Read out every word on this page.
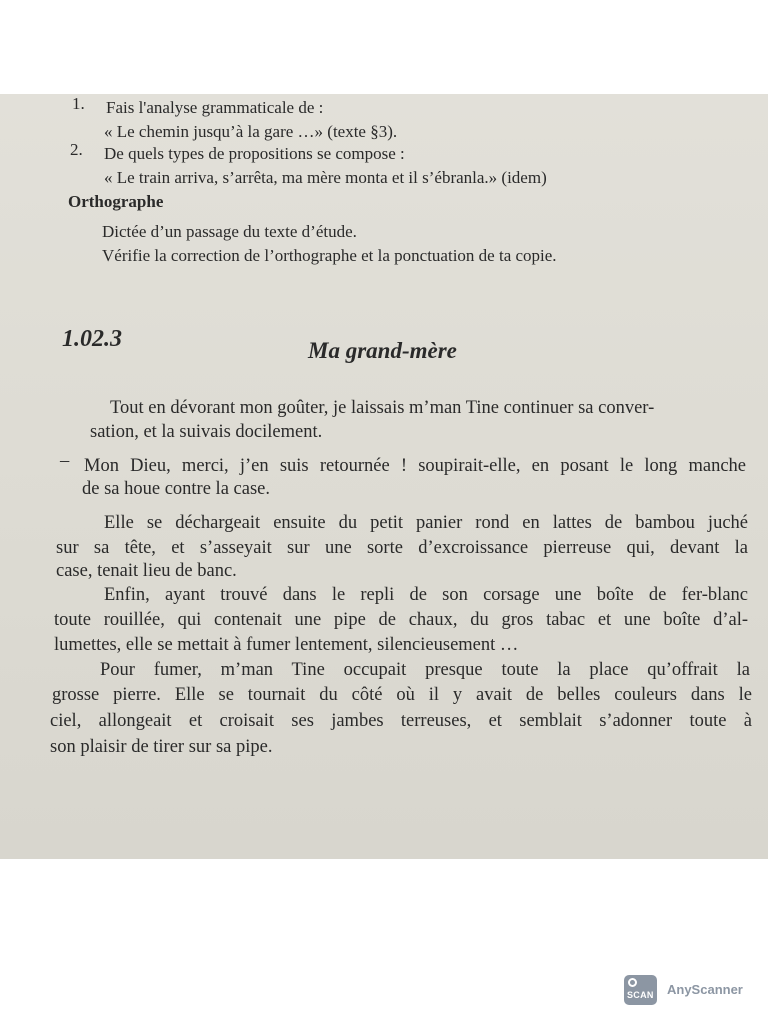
1. Fais l'analyse grammaticale de :
« Le chemin jusqu’à la gare …» (texte §3).
2. De quels types de propositions se compose :
« Le train arriva, s’arrêta, ma mère monta et il s’ébranla.» (idem)
Orthographe
Dictée d’un passage du texte d’étude.
Vérifie la correction de l’orthographe et la ponctuation de ta copie.
1.02.3	Ma grand-mère
Tout en dévorant mon goûter, je laissais m’man Tine continuer sa conver-
sation, et la suivais docilement.
– Mon Dieu, merci, j’en suis retournée ! soupirait-elle, en posant le long manche
de sa houe contre la case.
Elle se déchargeait ensuite du petit panier rond en lattes de bambou juché
sur sa tête, et s’asseyait sur une sorte d’excroissance pierreuse qui, devant la
case, tenait lieu de banc.
Enfin, ayant trouvé dans le repli de son corsage une boîte de fer-blanc
toute rouillée, qui contenait une pipe de chaux, du gros tabac et une boîte d’al-
lumettes, elle se mettait à fumer lentement, silencieusement …
Pour fumer, m’man Tine occupait presque toute la place qu’offrait la
grosse pierre. Elle se tournait du côté où il y avait de belles couleurs dans le
ciel, allongeait et croisait ses jambes terreuses, et semblait s’adonner toute à
son plaisir de tirer sur sa pipe.
SCAN AnyScanner
